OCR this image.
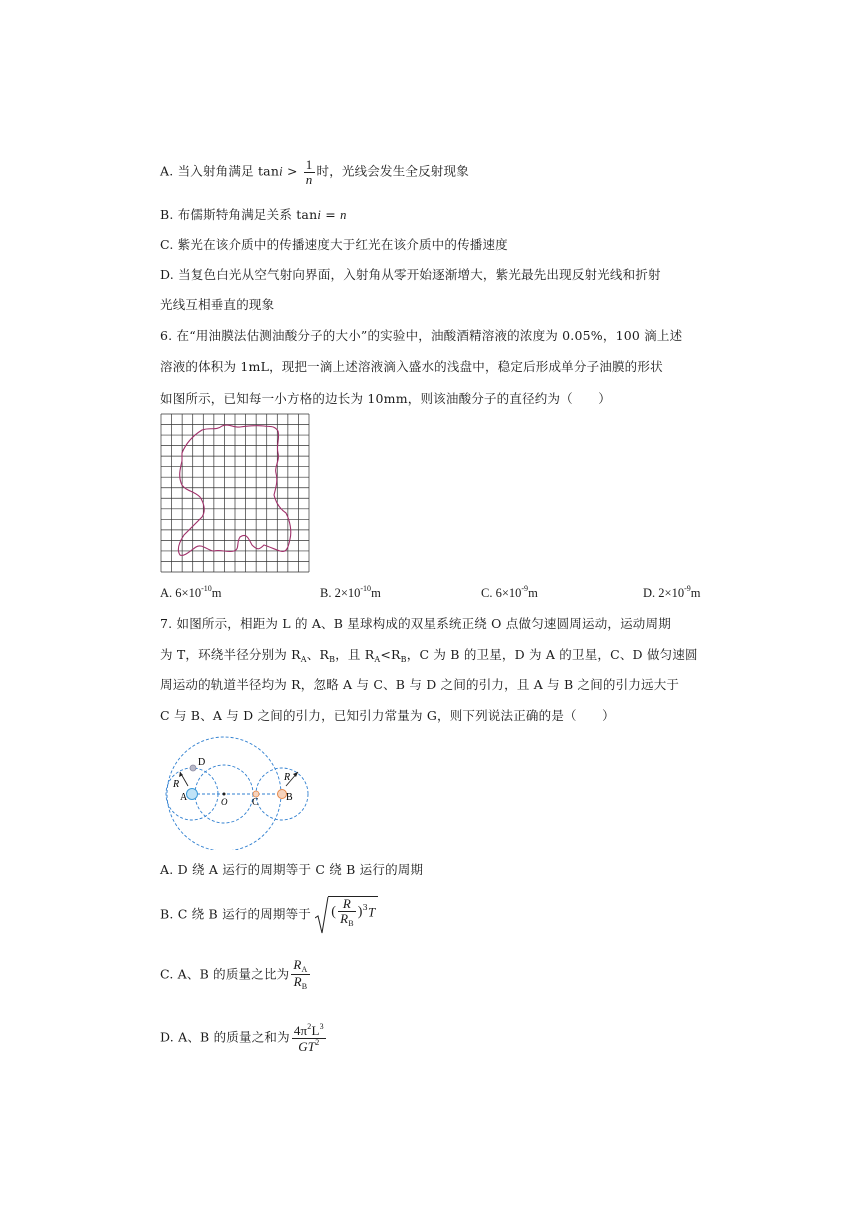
A. 当入射角满足 $\tan i > \frac{1}{n}$ 时，光线会发生全反射现象
B. 布儒斯特角满足关系 tani = n
C. 紫光在该介质中的传播速度大于红光在该介质中的传播速度
D. 当复色白光从空气射向界面，入射角从零开始逐渐增大，紫光最先出现反射光线和折射
光线互相垂直的现象
6. 在“用油膜法估测油酸分子的大小”的实验中，油酸酒精溶液的浓度为 0.05%，100 滴上述
溶液的体积为 1mL，现把一滴上述溶液滴入盛水的浅盘中，稳定后形成单分子油膜的形状
如图所示，已知每一小方格的边长为 10mm，则该油酸分子的直径约为（　　）
A. $6\times 10^{-10}m$	B. $2\times 10^{-10}m$	C. $6\times 10^{-9}m$	D. $2\times 10^{-9}m$
7. 如图所示，相距为 L 的 A、B 星球构成的双星系统正绕 O 点做匀速圆周运动，运动周期
为 T，环绕半径分别为 $R_A$、$R_B$，且 $R_A<R_B$，C 为 B 的卫星，D 为 A 的卫星，C、D 做匀速圆
周运动的轨道半径均为 R，忽略 A 与 C、B 与 D 之间的引力，且 A 与 B 之间的引力远大于
C 与 B、A 与 D 之间的引力，已知引力常量为 G，则下列说法正确的是（　　）
A	B
C
D
O
R
R
A. D 绕 A 运行的周期等于 C 绕 B 运行的周期
B. C 绕 B 运行的周期等于 ( $\frac{R}{R_B} )^3T$
C. A、B 的质量之比为 $\frac{R_A}{R_B}$
D. A、B 的质量之和为 $\frac{4\pi^2L^3}{GT^2}$
